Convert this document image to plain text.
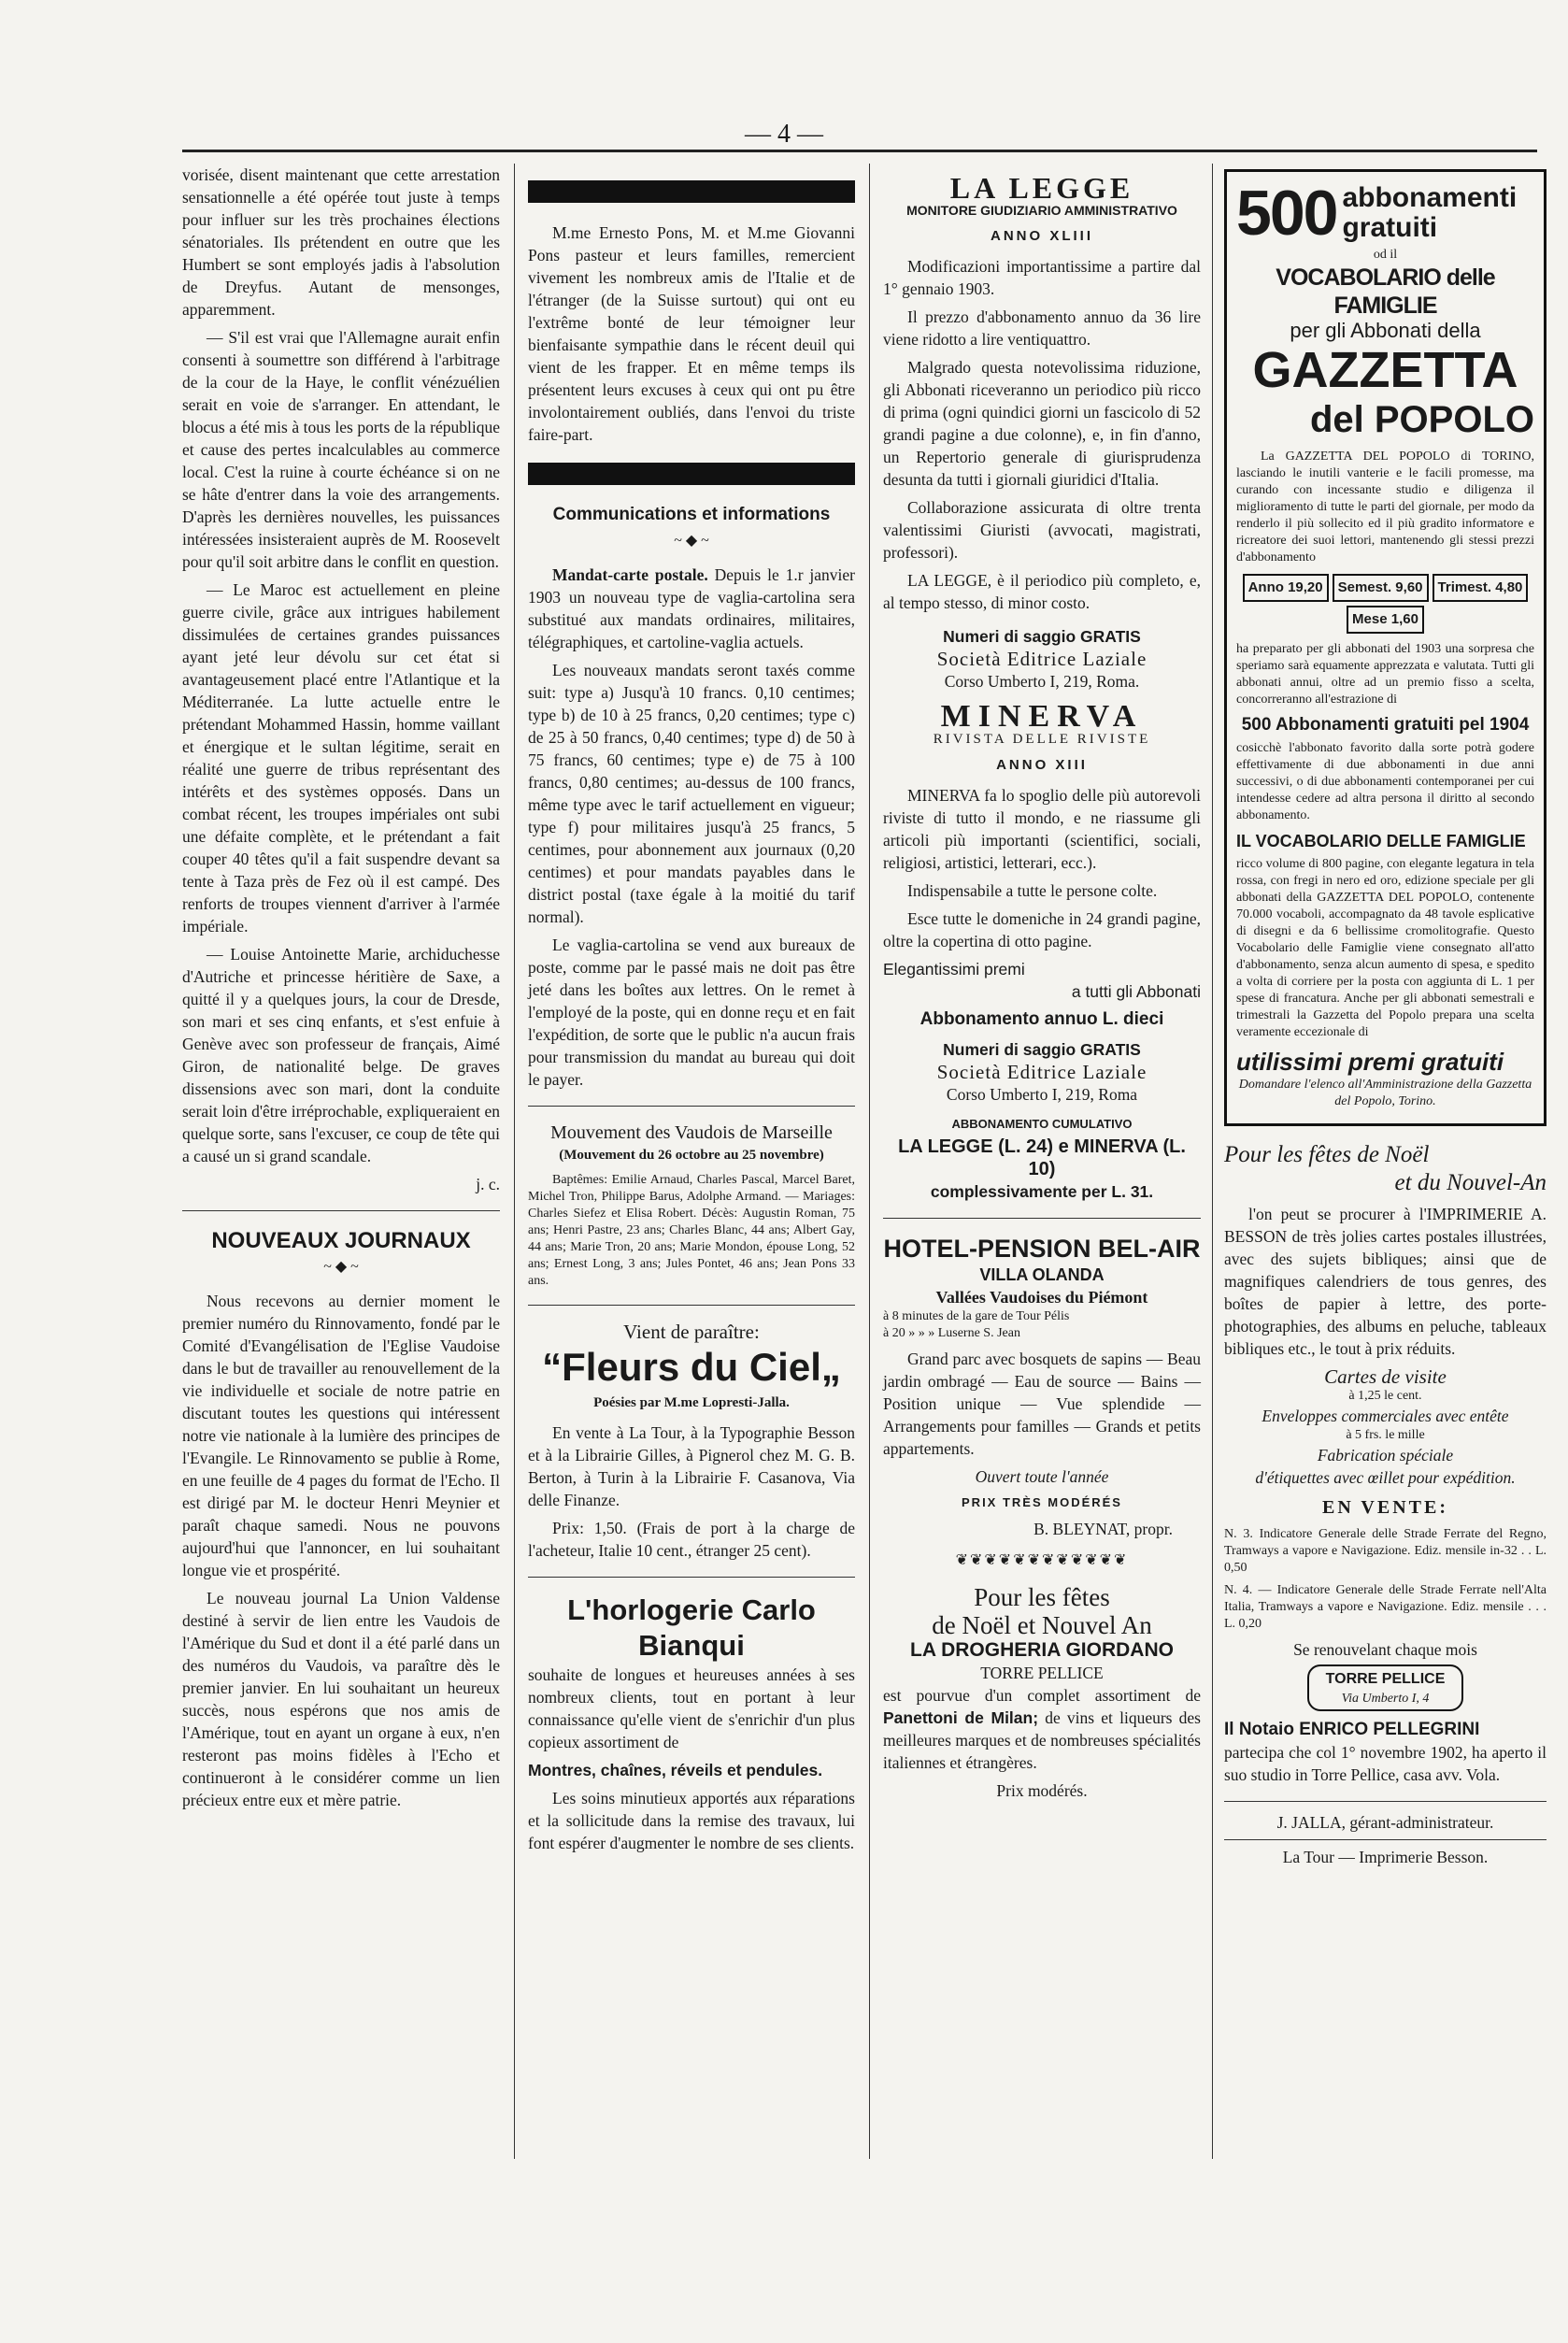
— 4 —

vorisée, disent maintenant que cette arrestation sensationnelle a été opérée tout juste à temps pour influer sur les très prochaines élections sénatoriales. Ils prétendent en outre que les Humbert se sont employés jadis à l'absolution de Dreyfus. Autant de mensonges, apparemment.

— S'il est vrai que l'Allemagne aurait enfin consenti à soumettre son différend à l'arbitrage de la cour de la Haye, le conflit vénézuélien serait en voie de s'arranger. En attendant, le blocus a été mis à tous les ports de la république et cause des pertes incalculables au commerce local. C'est la ruine à courte échéance si on ne se hâte d'entrer dans la voie des arrangements. D'après les dernières nouvelles, les puissances intéressées insisteraient auprès de M. Roosevelt pour qu'il soit arbitre dans le conflit en question.

— Le Maroc est actuellement en pleine guerre civile, grâce aux intrigues habilement dissimulées de certaines grandes puissances ayant jeté leur dévolu sur cet état si avantageusement placé entre l'Atlantique et la Méditerranée. La lutte actuelle entre le prétendant Mohammed Hassin, homme vaillant et énergique et le sultan légitime, serait en réalité une guerre de tribus représentant des intérêts et des systèmes opposés. Dans un combat récent, les troupes impériales ont subi une défaite complète, et le prétendant a fait couper 40 têtes qu'il a fait suspendre devant sa tente à Taza près de Fez où il est campé. Des renforts de troupes viennent d'arriver à l'armée impériale.

— Louise Antoinette Marie, archiduchesse d'Autriche et princesse héritière de Saxe, a quitté il y a quelques jours, la cour de Dresde, son mari et ses cinq enfants, et s'est enfuie à Genève avec son professeur de français, Aimé Giron, de nationalité belge. De graves dissensions avec son mari, dont la conduite serait loin d'être irréprochable, expliqueraient en quelque sorte, sans l'excuser, ce coup de tête qui a causé un si grand scandale.

j. c.

NOUVEAUX JOURNAUX
~ ◆ ~

Nous recevons au dernier moment le premier numéro du Rinnovamento, fondé par le Comité d'Evangélisation de l'Eglise Vaudoise dans le but de travailler au renouvellement de la vie individuelle et sociale de notre patrie en discutant toutes les questions qui intéressent notre vie nationale à la lumière des principes de l'Evangile. Le Rinnovamento se publie à Rome, en une feuille de 4 pages du format de l'Echo. Il est dirigé par M. le docteur Henri Meynier et paraît chaque samedi. Nous ne pouvons aujourd'hui que l'annoncer, en lui souhaitant longue vie et prospérité.

Le nouveau journal La Union Valdense destiné à servir de lien entre les Vaudois de l'Amérique du Sud et dont il a été parlé dans un des numéros du Vaudois, va paraître dès le premier janvier. En lui souhaitant un heureux succès, nous espérons que nos amis de l'Amérique, tout en ayant un organe à eux, n'en resteront pas moins fidèles à l'Echo et continueront à le considérer comme un lien précieux entre eux et mère patrie.

M.me Ernesto Pons, M. et M.me Giovanni Pons pasteur et leurs familles, remercient vivement les nombreux amis de l'Italie et de l'étranger (de la Suisse surtout) qui ont eu l'extrême bonté de leur témoigner leur bienfaisante sympathie dans le récent deuil qui vient de les frapper. Et en même temps ils présentent leurs excuses à ceux qui ont pu être involontairement oubliés, dans l'envoi du triste faire-part.

Communications et informations
~ ◆ ~

Mandat-carte postale. Depuis le 1.r janvier 1903 un nouveau type de vaglia-cartolina sera substitué aux mandats ordinaires, militaires, télégraphiques, et cartoline-vaglia actuels.

Les nouveaux mandats seront taxés comme suit: type a) Jusqu'à 10 francs. 0,10 centimes; type b) de 10 à 25 francs, 0,20 centimes; type c) de 25 à 50 francs, 0,40 centimes; type d) de 50 à 75 francs, 60 centimes; type e) de 75 à 100 francs, 0,80 centimes; au-dessus de 100 francs, même type avec le tarif actuellement en vigueur; type f) pour militaires jusqu'à 25 francs, 5 centimes, pour abonnement aux journaux (0,20 centimes) et pour mandats payables dans le district postal (taxe égale à la moitié du tarif normal).

Le vaglia-cartolina se vend aux bureaux de poste, comme par le passé mais ne doit pas être jeté dans les boîtes aux lettres. On le remet à l'employé de la poste, qui en donne reçu et en fait l'expédition, de sorte que le public n'a aucun frais pour transmission du mandat au bureau qui doit le payer.

Mouvement des Vaudois de Marseille
(Mouvement du 26 octobre au 25 novembre)

Baptêmes: Emilie Arnaud, Charles Pascal, Marcel Baret, Michel Tron, Philippe Barus, Adolphe Armand. — Mariages: Charles Siefez et Elisa Robert. Décès: Augustin Roman, 75 ans; Henri Pastre, 23 ans; Charles Blanc, 44 ans; Albert Gay, 44 ans; Marie Tron, 20 ans; Marie Mondon, épouse Long, 52 ans; Ernest Long, 3 ans; Jules Pontet, 46 ans; Jean Pons 33 ans.

Vient de paraître:
“Fleurs du Ciel„
Poésies par M.me Lopresti-Jalla.

En vente à La Tour, à la Typographie Besson et à la Librairie Gilles, à Pignerol chez M. G. B. Berton, à Turin à la Librairie F. Casanova, Via delle Finanze.

Prix: 1,50. (Frais de port à la charge de l'acheteur, Italie 10 cent., étranger 25 cent).

L'horlogerie Carlo Bianqui

souhaite de longues et heureuses années à ses nombreux clients, tout en portant à leur connaissance qu'elle vient de s'enrichir d'un plus copieux assortiment de

Montres, chaînes, réveils et pendules.

Les soins minutieux apportés aux réparations et la sollicitude dans la remise des travaux, lui font espérer d'augmenter le nombre de ses clients.

LA LEGGE
MONITORE GIUDIZIARIO AMMINISTRATIVO
ANNO XLIII

Modificazioni importantissime a partire dal 1° gennaio 1903.

Il prezzo d'abbonamento annuo da 36 lire viene ridotto a lire ventiquattro.

Malgrado questa notevolissima riduzione, gli Abbonati riceveranno un periodico più ricco di prima (ogni quindici giorni un fascicolo di 52 grandi pagine a due colonne), e, in fin d'anno, un Repertorio generale di giurisprudenza desunta da tutti i giornali giuridici d'Italia.

Collaborazione assicurata di oltre trenta valentissimi Giuristi (avvocati, magistrati, professori).

LA LEGGE, è il periodico più completo, e, al tempo stesso, di minor costo.

Numeri di saggio GRATIS
Società Editrice Laziale
Corso Umberto I, 219, Roma.
MINERVA
RIVISTA DELLE RIVISTE
ANNO XIII

MINERVA fa lo spoglio delle più autorevoli riviste di tutto il mondo, e ne riassume gli articoli più importanti (scientifici, sociali, religiosi, artistici, letterari, ecc.).

Indispensabile a tutte le persone colte.

Esce tutte le domeniche in 24 grandi pagine, oltre la copertina di otto pagine.

Elegantissimi premi
a tutti gli Abbonati
Abbonamento annuo L. dieci
Numeri di saggio GRATIS
Società Editrice Laziale
Corso Umberto I, 219, Roma
ABBONAMENTO CUMULATIVO
LA LEGGE (L. 24) e MINERVA (L. 10)
complessivamente per L. 31.
HOTEL-PENSION BEL-AIR
VILLA OLANDA
Vallées Vaudoises du Piémont
à 8 minutes de la gare de Tour Pélis
à 20 » » » Luserne S. Jean

Grand parc avec bosquets de sapins — Beau jardin ombragé — Eau de source — Bains — Position unique — Vue splendide — Arrangements pour familles — Grands et petits appartements.

Ouvert toute l'année
PRIX TRÈS MODÉRÉS
B. BLEYNAT, propr.
❦❦❦❦❦❦❦❦❦❦❦❦
Pour les fêtes
de Noël et Nouvel An
LA DROGHERIA GIORDANO
TORRE PELLICE

est pourvue d'un complet assortiment de Panettoni de Milan; de vins et liqueurs des meilleures marques et de nombreuses spécialités italiennes et étrangères.

Prix modérés.
500 abbonamenti
gratuiti
od il
VOCABOLARIO delle FAMIGLIE
per gli Abbonati della
GAZZETTA
del POPOLO

La GAZZETTA DEL POPOLO di TORINO, lasciando le inutili vanterie e le facili promesse, ma curando con incessante studio e diligenza il miglioramento di tutte le parti del giornale, per modo da renderlo il più sollecito ed il più gradito informatore e ricreatore dei suoi lettori, mantenendo gli stessi prezzi d'abbonamento

Anno 19,20	Semest. 9,60	Trimest. 4,80
Mese 1,60

ha preparato per gli abbonati del 1903 una sorpresa che speriamo sarà equamente apprezzata e valutata. Tutti gli abbonati annui, oltre ad un premio fisso a scelta, concorreranno all'estrazione di

500 Abbonamenti gratuiti pel 1904

cosicchè l'abbonato favorito dalla sorte potrà godere effettivamente di due abbonamenti in due anni successivi, o di due abbonamenti contemporanei per cui intendesse cedere ad altra persona il diritto al secondo abbonamento.

IL VOCABOLARIO DELLE FAMIGLIE

ricco volume di 800 pagine, con elegante legatura in tela rossa, con fregi in nero ed oro, edizione speciale per gli abbonati della GAZZETTA DEL POPOLO, contenente 70.000 vocaboli, accompagnato da 48 tavole esplicative di disegni e da 6 bellissime cromolitografie. Questo Vocabolario delle Famiglie viene consegnato all'atto d'abbonamento, senza alcun aumento di spesa, e spedito a volta di corriere per la posta con aggiunta di L. 1 per spese di francatura. Anche per gli abbonati semestrali e trimestrali la Gazzetta del Popolo prepara una scelta veramente eccezionale di

utilissimi premi gratuiti

Domandare l'elenco all'Amministrazione della Gazzetta del Popolo, Torino.

Pour les fêtes de Noël
et du Nouvel-An

l'on peut se procurer à l'IMPRIMERIE A. BESSON de très jolies cartes postales illustrées, avec des sujets bibliques; ainsi que de magnifiques calendriers de tous genres, des boîtes de papier à lettre, des porte-photographies, des albums en peluche, tableaux bibliques etc., le tout à prix réduits.

Cartes de visite
à 1,25 le cent.
Enveloppes commerciales avec entête
à 5 frs. le mille
Fabrication spéciale
d'étiquettes avec œillet pour expédition.
EN VENTE:

N. 3. Indicatore Generale delle Strade Ferrate del Regno, Tramways a vapore e Navigazione. Ediz. mensile in-32 . . L. 0,50

N. 4. — Indicatore Generale delle Strade Ferrate nell'Alta Italia, Tramways a vapore e Navigazione. Ediz. mensile . . . L. 0,20

Se renouvelant chaque mois
TORRE PELLICE
Via Umberto I, 4
Il Notaio ENRICO PELLEGRINI

partecipa che col 1° novembre 1902, ha aperto il suo studio in Torre Pellice, casa avv. Vola.

J. JALLA, gérant-administrateur.
La Tour — Imprimerie Besson.
